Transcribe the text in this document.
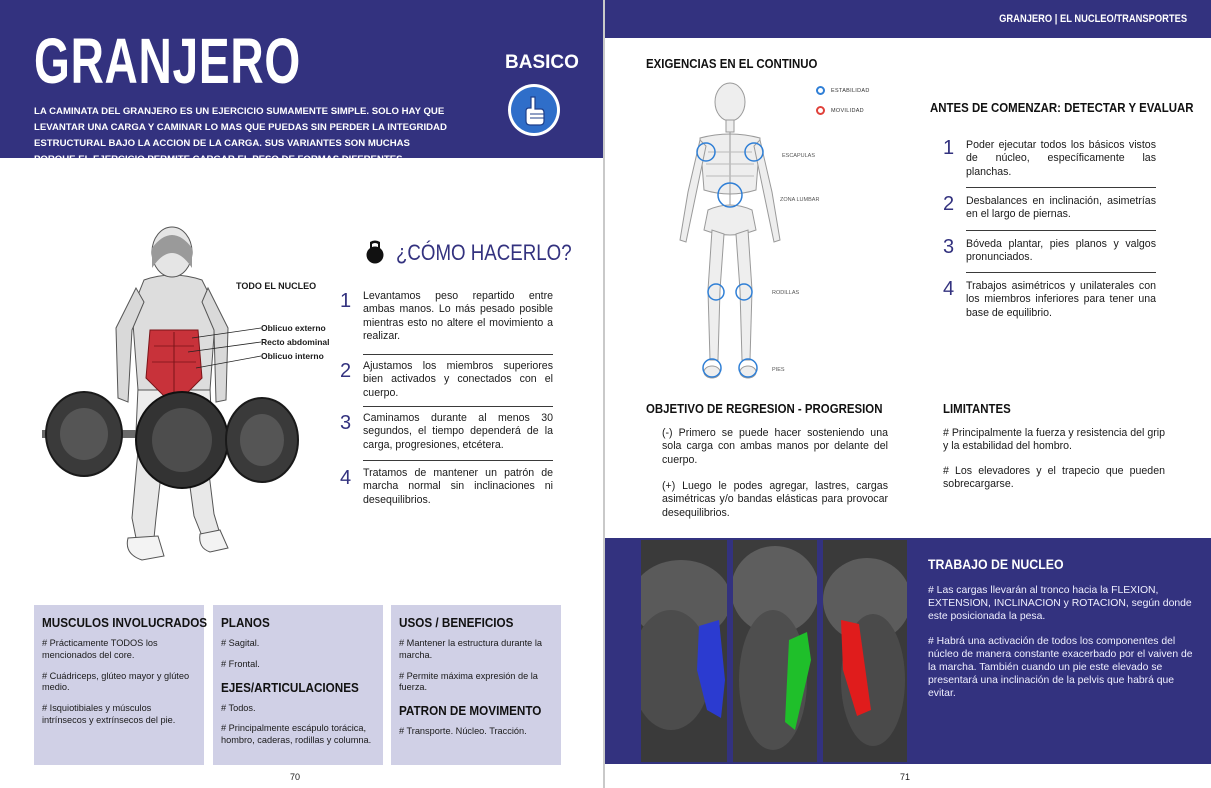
GRANJERO
LA CAMINATA DEL GRANJERO ES UN EJERCICIO SUMAMENTE SIMPLE. SOLO HAY QUE LEVANTAR UNA CARGA Y CAMINAR LO MAS QUE PUEDAS SIN PERDER LA INTEGRIDAD ESTRUCTURAL BAJO LA ACCION DE LA CARGA. SUS VARIANTES SON MUCHAS PORQUE EL EJERCICIO PERMITE CARGAR EL PESO DE FORMAS DIFERENTES.
BASICO
TODO EL NUCLEO
Oblicuo externo
Recto abdominal
Oblicuo interno
¿CÓMO HACERLO?
1 Levantamos peso repartido entre ambas manos. Lo más pesado posible mientras esto no altere el movimiento a realizar.
2 Ajustamos los miembros superiores bien activados y conectados con el cuerpo.
3 Caminamos durante al menos 30 segundos, el tiempo dependerá de la carga, progresiones, etcétera.
4 Tratamos de mantener un patrón de marcha normal sin inclinaciones ni desequilibrios.
MUSCULOS INVOLUCRADOS

# Prácticamente TODOS los mencionados del core.

# Cuádriceps, glúteo mayor y glúteo medio.

# Isquiotibiales y músculos intrínsecos y extrínsecos del pie.

PLANOS

# Sagital.

# Frontal.

EJES/ARTICULACIONES

# Todos.

# Principalmente escápulo torácica, hombro, caderas, rodillas y columna.

USOS / BENEFICIOS

# Mantener la estructura durante la marcha.

# Permite máxima expresión de la fuerza.

PATRON DE MOVIMENTO

# Transporte. Núcleo. Tracción.

70
GRANJERO | EL NUCLEO/TRANSPORTES
EXIGENCIAS EN EL CONTINUO
ESTABILIDAD
MOVILIDAD
ESCAPULAS
ZONA LUMBAR
RODILLAS
PIES
ANTES DE COMENZAR: DETECTAR Y EVALUAR
1 Poder ejecutar todos los básicos vistos de núcleo, específicamente las planchas.
2 Desbalances en inclinación, asimetrías en el largo de piernas.
3 Bóveda plantar, pies planos y valgos pronunciados.
4 Trabajos asimétricos y unilaterales con los miembros inferiores para tener una base de equilibrio.
OBJETIVO DE REGRESION - PROGRESION
(-) Primero se puede hacer sosteniendo una sola carga con ambas manos por delante del cuerpo.
(+) Luego le podes agregar, lastres, cargas asimétricas y/o bandas elásticas para provocar desequilibrios.
LIMITANTES
# Principalmente la fuerza y resistencia del grip y la estabilidad del hombro.
# Los elevadores y el trapecio que pueden sobrecargarse.
TRABAJO DE NUCLEO

# Las cargas llevarán al tronco hacia la FLEXION, EXTENSION, INCLINACION y ROTACION, según donde este posicionada la pesa.

# Habrá una activación de todos los componentes del núcleo de manera constante exacerbado por el vaiven de la marcha. También cuando un pie este elevado se presentará una inclinación de la pelvis que habrá que evitar.

71
